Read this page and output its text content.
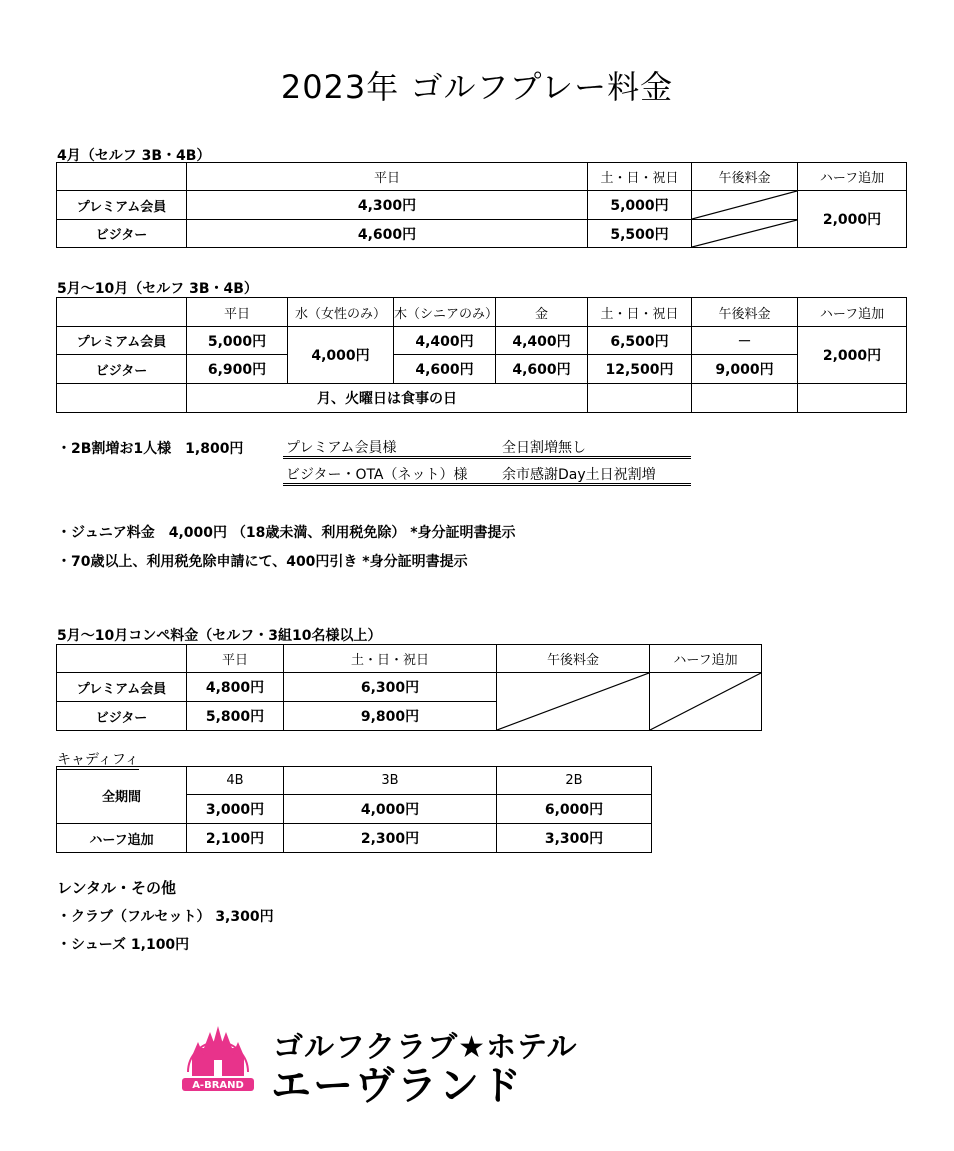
2023年 ゴルフプレー料金
4月（セルフ 3B・4B）
	平日	土・日・祝日	午後料金	ハーフ追加
プレミアム会員	4,300円	5,000円		2,000円
ビジター	4,600円	5,500円	
5月～10月（セルフ 3B・4B）
	平日	水（女性のみ）	木（シニアのみ）	金	土・日・祝日	午後料金	ハーフ追加
プレミアム会員	5,000円	4,000円	4,400円	4,400円	6,500円	－	2,000円
ビジター	6,900円		4,600円	4,600円	12,500円	9,000円	
	月、火曜日は食事の日						
・2B割増お1人様　1,800円	プレミアム会員様	全日割増無し
ビジター・OTA（ネット）様 余市感謝Day土日祝割増
・ジュニア料金　4,000円 （18歳未満、利用税免除） *身分証明書提示
・70歳以上、利用税免除申請にて、400円引き *身分証明書提示
5月～10月コンペ料金（セルフ・3組10名様以上）
	平日	土・日・祝日	午後料金	ハーフ追加
プレミアム会員	4,800円	6,300円	

ビジター	5,800円	9,800円		
キャディフィ
全期間	4B	3B	2B
	3,000円	4,000円	6,000円
ハーフ追加	2,100円	2,300円	3,300円
レンタル・その他
・クラブ（フルセット） 3,300円
・シューズ 1,100円
A-BRAND
ゴルフクラブ★ホテル
エーヴランド
